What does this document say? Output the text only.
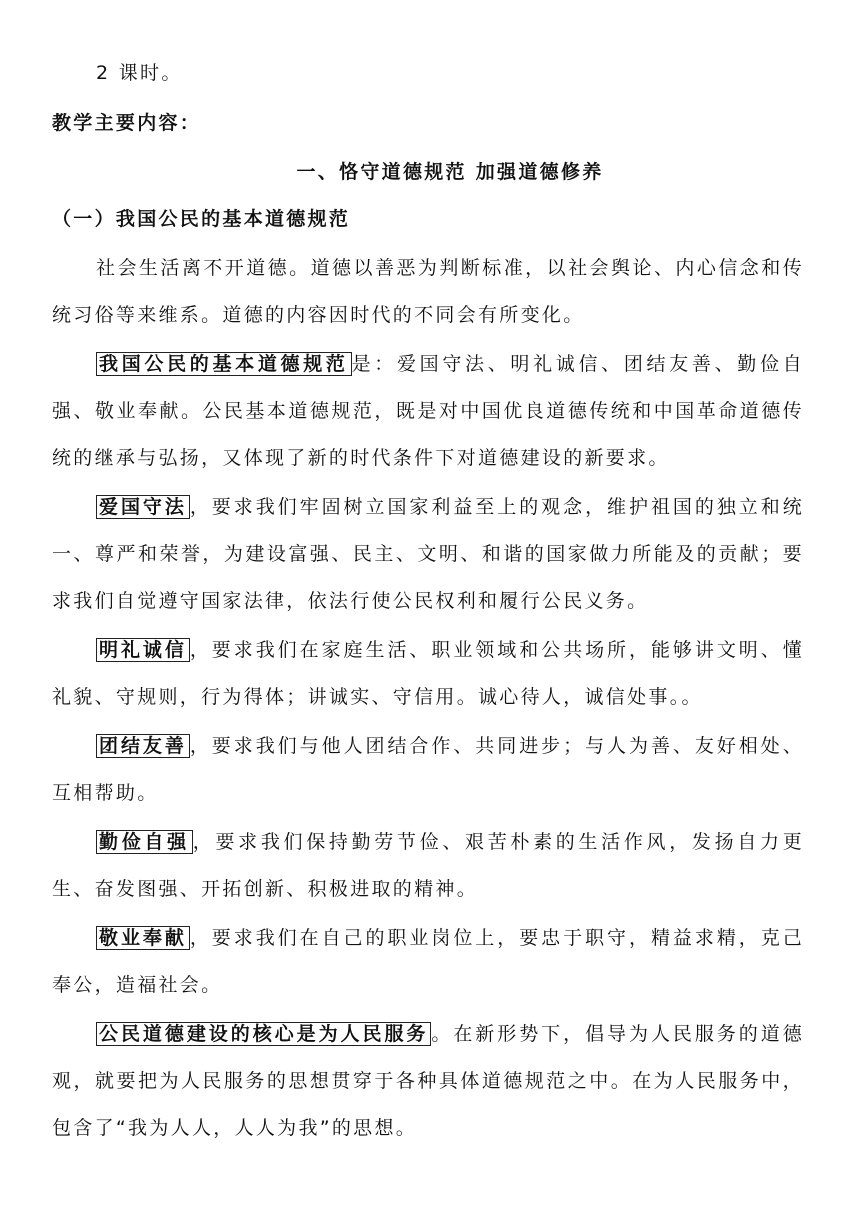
2 课时。

教学主要内容：

一、恪守道德规范 加强道德修养

（一）我国公民的基本道德规范

社会生活离不开道德。道德以善恶为判断标准，以社会舆论、内心信念和传统习俗等来维系。道德的内容因时代的不同会有所变化。

我国公民的基本道德规范 是：爱国守法、明礼诚信、团结友善、勤俭自强、敬业奉献。公民基本道德规范，既是对中国优良道德传统和中国革命道德传统的继承与弘扬，又体现了新的时代条件下对道德建设的新要求。

爱国守法 ，要求我们牢固树立国家利益至上的观念，维护祖国的独立和统一、尊严和荣誉，为建设富强、民主、文明、和谐的国家做力所能及的贡献；要求我们自觉遵守国家法律，依法行使公民权利和履行公民义务。

明礼诚信 ，要求我们在家庭生活、职业领域和公共场所，能够讲文明、懂礼貌、守规则，行为得体；讲诚实、守信用。诚心待人，诚信处事。。

团结友善 ，要求我们与他人团结合作、共同进步；与人为善、友好相处、互相帮助。

勤俭自强 ，要求我们保持勤劳节俭、艰苦朴素的生活作风，发扬自力更生、奋发图强、开拓创新、积极进取的精神。

敬业奉献 ，要求我们在自己的职业岗位上，要忠于职守，精益求精，克己奉公，造福社会。

公民道德建设的核心是为人民服务 。在新形势下，倡导为人民服务的道德观，就要把为人民服务的思想贯穿于各种具体道德规范之中。在为人民服务中，包含了“我为人人，人人为我”的思想。
